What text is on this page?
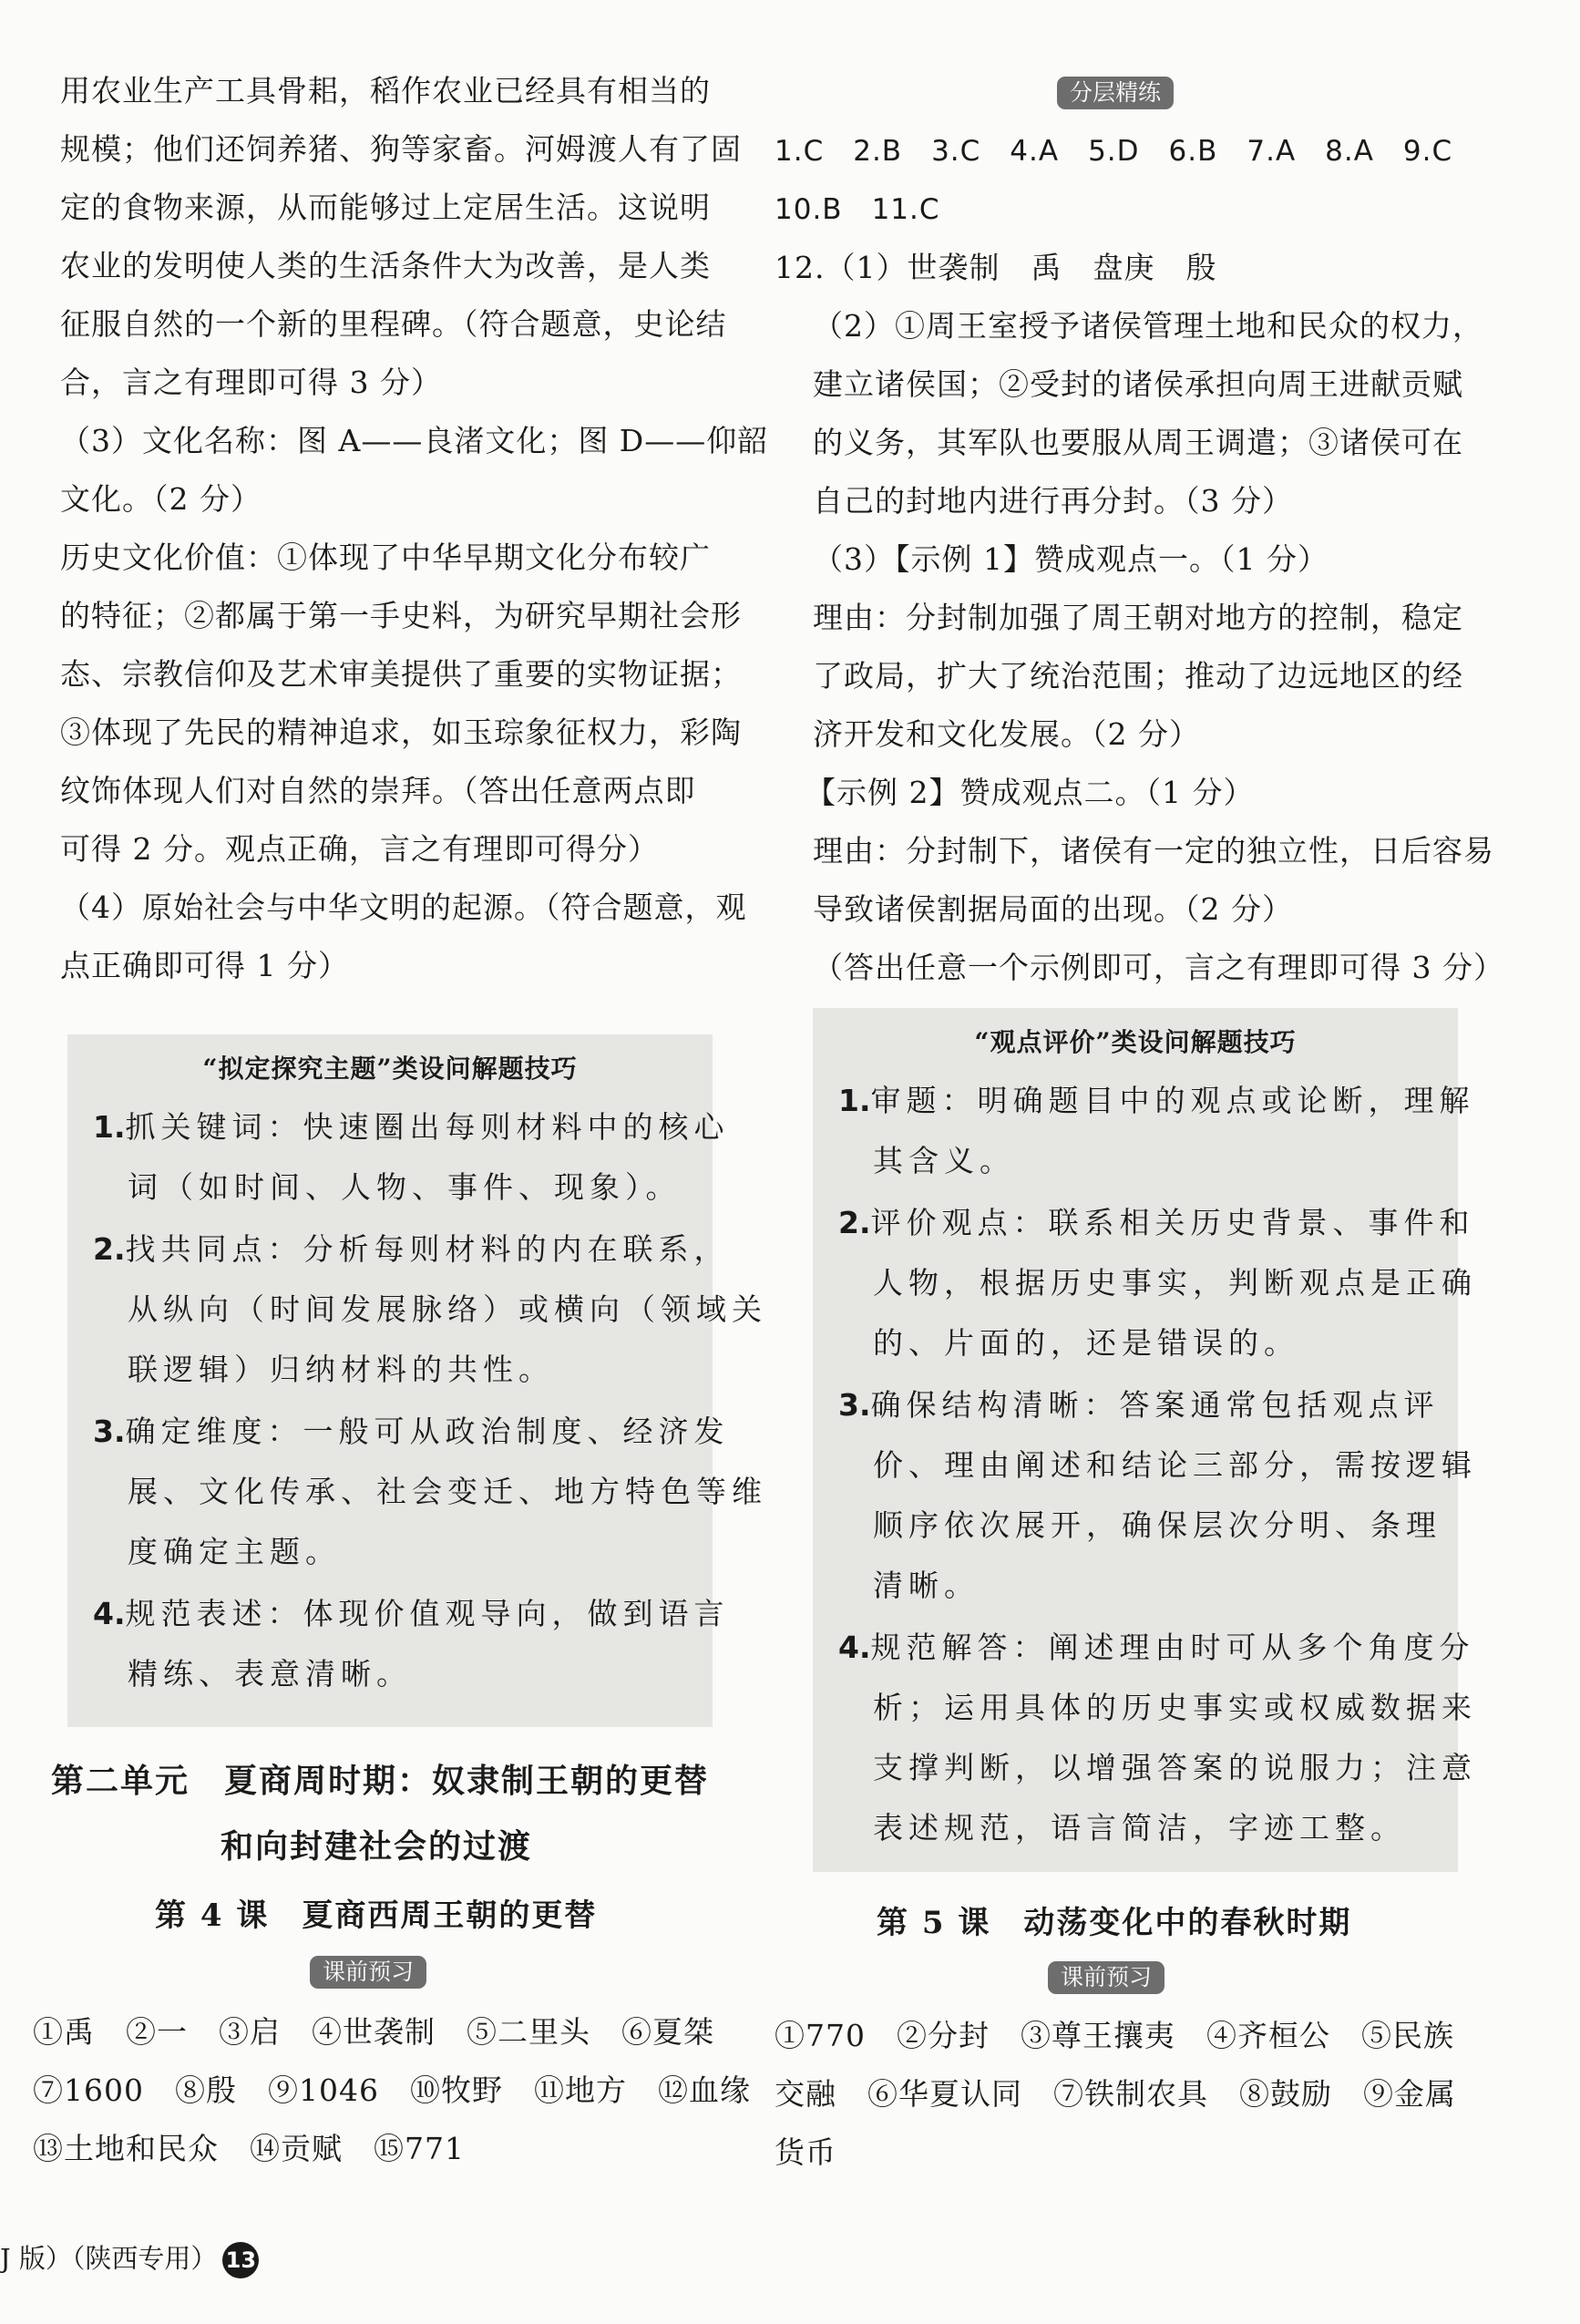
用农业生产工具骨耜，稻作农业已经具有相当的

规模；他们还饲养猪、狗等家畜。河姆渡人有了固

定的食物来源，从而能够过上定居生活。这说明

农业的发明使人类的生活条件大为改善，是人类

征服自然的一个新的里程碑。（符合题意，史论结

合，言之有理即可得 3 分）

（3）文化名称：图 A——良渚文化；图 D——仰韶

文化。（2 分）

历史文化价值：①体现了中华早期文化分布较广

的特征；②都属于第一手史料，为研究早期社会形

态、宗教信仰及艺术审美提供了重要的实物证据；

③体现了先民的精神追求，如玉琮象征权力，彩陶

纹饰体现人们对自然的崇拜。（答出任意两点即

可得 2 分。观点正确，言之有理即可得分）

（4）原始社会与中华文明的起源。（符合题意，观

点正确即可得 1 分）

“拟定探究主题”类设问解题技巧

1.抓关键词：快速圈出每则材料中的核心

词（如时间、人物、事件、现象）。

2.找共同点：分析每则材料的内在联系，

从纵向（时间发展脉络）或横向（领域关

联逻辑）归纳材料的共性。

3.确定维度：一般可从政治制度、经济发

展、文化传承、社会变迁、地方特色等维

度确定主题。

4.规范表述：体现价值观导向，做到语言

精练、表意清晰。

第二单元　夏商周时期：奴隶制王朝的更替

和向封建社会的过渡

第 4 课　夏商西周王朝的更替

课前预习

①禹　②一　③启　④世袭制　⑤二里头　⑥夏桀

⑦1600　⑧殷　⑨1046　⑩牧野　⑪地方　⑫血缘

⑬土地和民众　⑭贡赋　⑮771

J 版）（陕西专用） 13
分层精练

1.C　2.B　3.C　4.A　5.D　6.B　7.A　8.A　9.C

10.B　11.C

12.（1）世袭制　禹　盘庚　殷

（2）①周王室授予诸侯管理土地和民众的权力，

建立诸侯国；②受封的诸侯承担向周王进献贡赋

的义务，其军队也要服从周王调遣；③诸侯可在

自己的封地内进行再分封。（3 分）

（3）【示例 1】赞成观点一。（1 分）

理由：分封制加强了周王朝对地方的控制，稳定

了政局，扩大了统治范围；推动了边远地区的经

济开发和文化发展。（2 分）

【示例 2】赞成观点二。（1 分）

理由：分封制下，诸侯有一定的独立性，日后容易

导致诸侯割据局面的出现。（2 分）

（答出任意一个示例即可，言之有理即可得 3 分）

“观点评价”类设问解题技巧

1.审题：明确题目中的观点或论断，理解

其含义。

2.评价观点：联系相关历史背景、事件和

人物，根据历史事实，判断观点是正确

的、片面的，还是错误的。

3.确保结构清晰：答案通常包括观点评

价、理由阐述和结论三部分，需按逻辑

顺序依次展开，确保层次分明、条理

清晰。

4.规范解答：阐述理由时可从多个角度分

析；运用具体的历史事实或权威数据来

支撑判断，以增强答案的说服力；注意

表述规范，语言简洁，字迹工整。

第 5 课　动荡变化中的春秋时期

课前预习

①770　②分封　③尊王攘夷　④齐桓公　⑤民族

交融　⑥华夏认同　⑦铁制农具　⑧鼓励　⑨金属

货币
